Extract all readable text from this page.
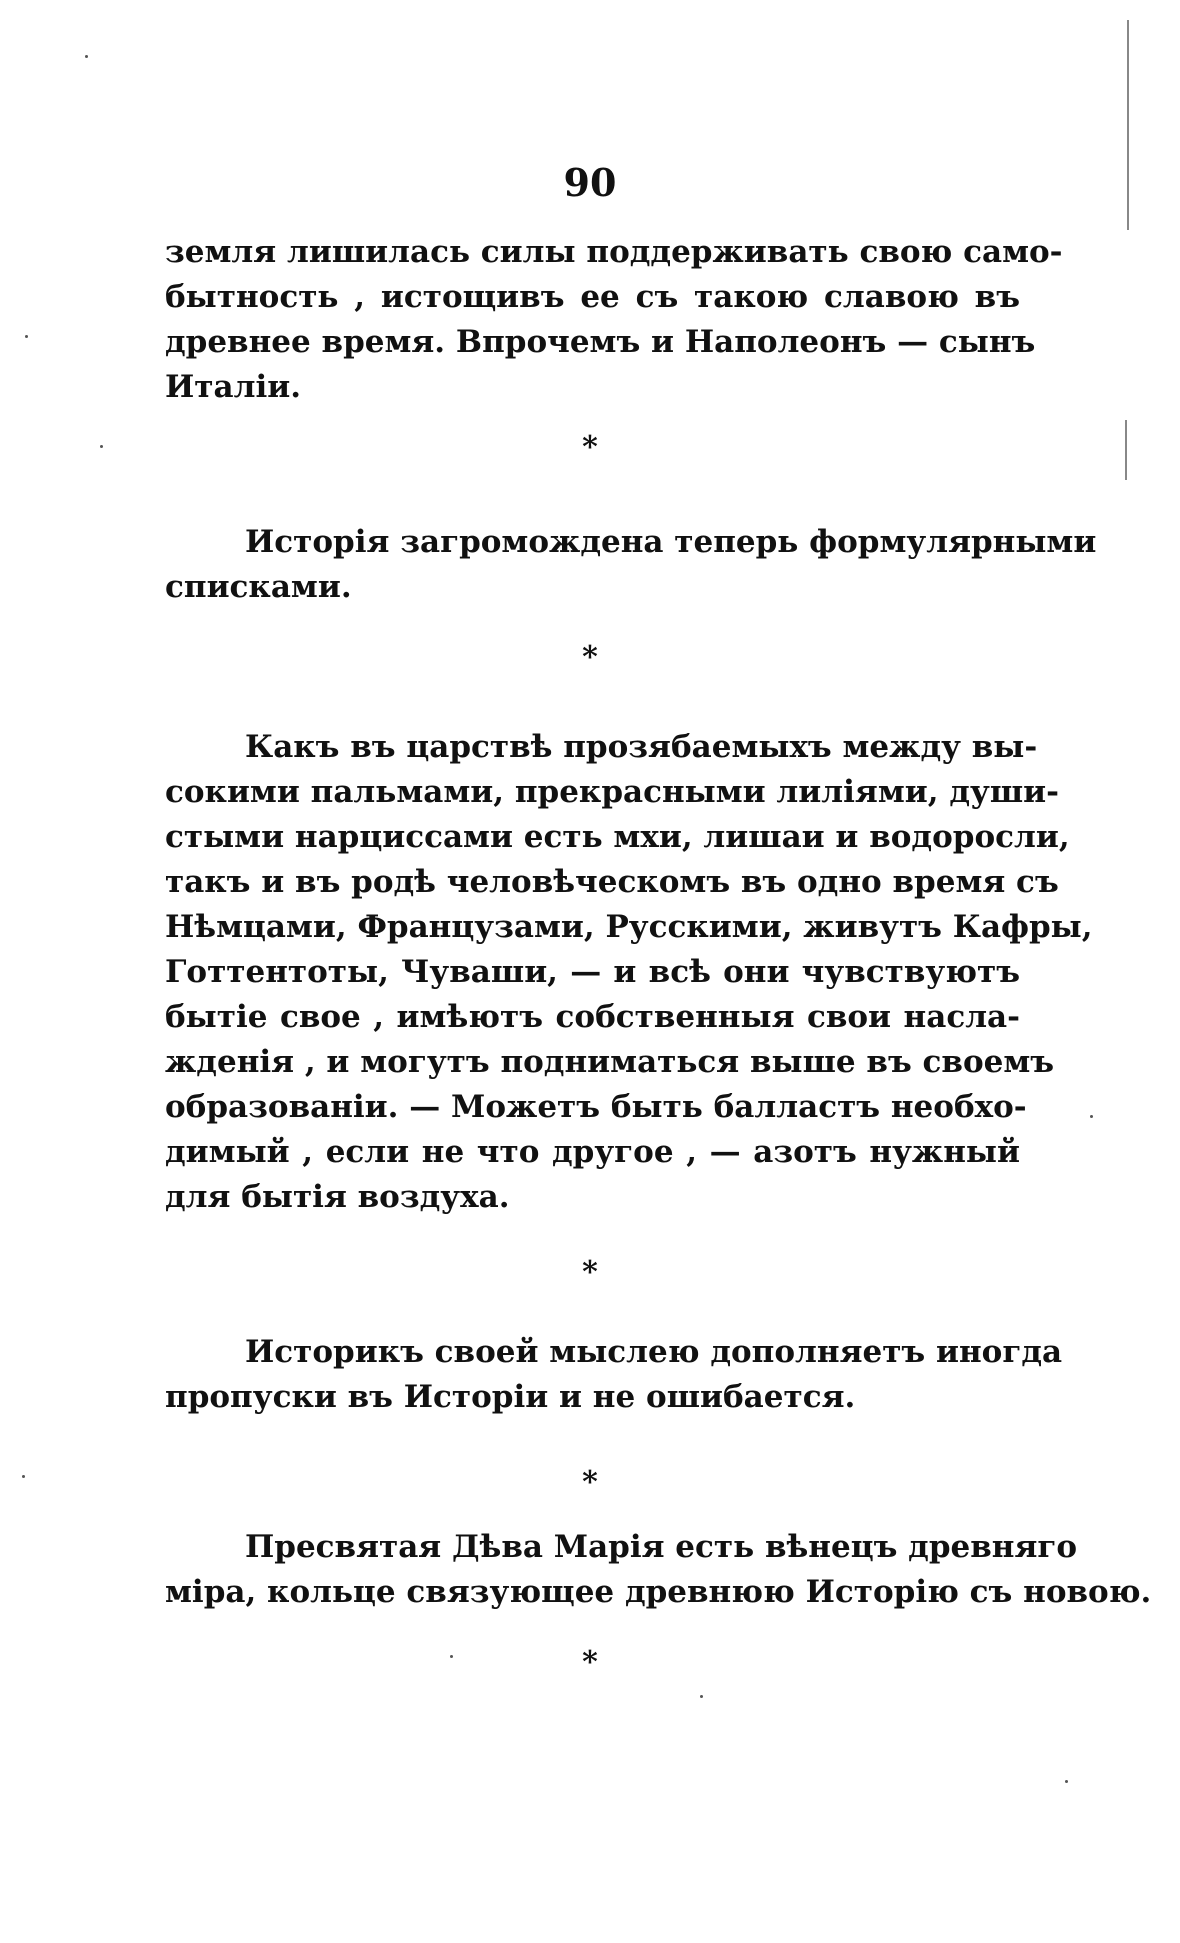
90

земля лишилась силы поддерживать свою само-
бытность , истощивъ ее съ такою славою въ
древнее время. Впрочемъ и Наполеонъ — сынъ
Италіи.

*

Исторія загромождена теперь формулярными
списками.

*

Какъ въ царствѣ прозябаемыхъ между вы-
сокими пальмами, прекрасными лиліями, души-
стыми нарциссами есть мхи, лишаи и водоросли,
такъ и въ родѣ человѣческомъ въ одно время съ
Нѣмцами, Французами, Русскими, живутъ Кафры,
Готтентоты, Чуваши, — и всѣ они чувствуютъ
бытіе свое , имѣютъ собственныя свои насла-
жденія , и могутъ подниматься выше въ своемъ
образованіи. — Можетъ быть балластъ необхо-
димый , если не что другое , — азотъ нужный
для бытія воздуха.

*

Историкъ своей мыслею дополняетъ иногда
пропуски въ Исторіи и не ошибается.

*

Пресвятая Дѣва Марія есть вѣнецъ древняго
міра, кольце связующее древнюю Исторію съ новою.

*
